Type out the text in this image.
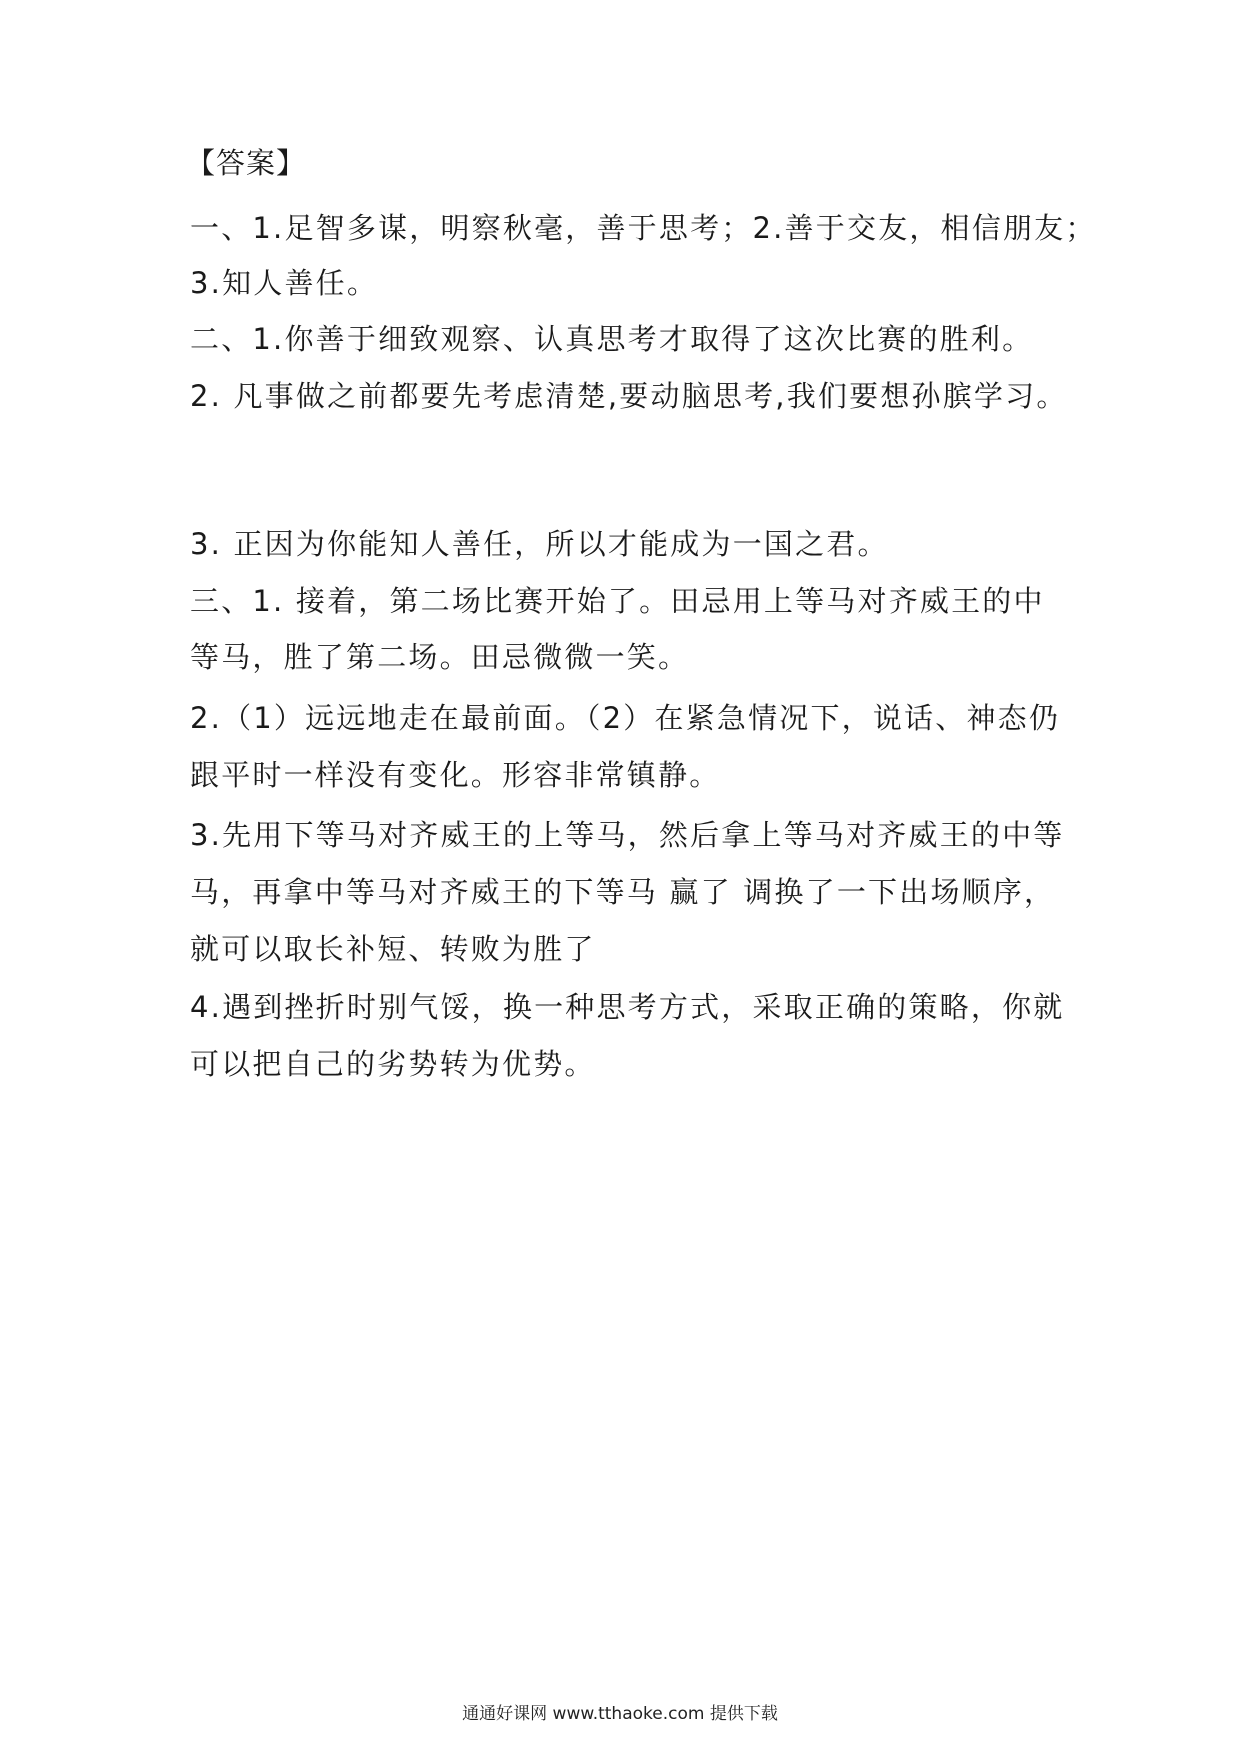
【答案】
一、1.足智多谋，明察秋毫，善于思考；2.善于交友，相信朋友；
3.知人善任。
二、1.你善于细致观察、认真思考才取得了这次比赛的胜利。
2. 凡事做之前都要先考虑清楚,要动脑思考,我们要想孙膑学习。
3. 正因为你能知人善任，所以才能成为一国之君。
三、1. 接着，第二场比赛开始了。田忌用上等马对齐威王的中
等马，胜了第二场。田忌微微一笑。
2.（1）远远地走在最前面。（2）在紧急情况下，说话、神态仍
跟平时一样没有变化。形容非常镇静。
3.先用下等马对齐威王的上等马，然后拿上等马对齐威王的中等
马，再拿中等马对齐威王的下等马 赢了 调换了一下出场顺序，
就可以取长补短、转败为胜了
4.遇到挫折时别气馁，换一种思考方式，采取正确的策略，你就
可以把自己的劣势转为优势。
通通好课网 www.tthaoke.com 提供下载
